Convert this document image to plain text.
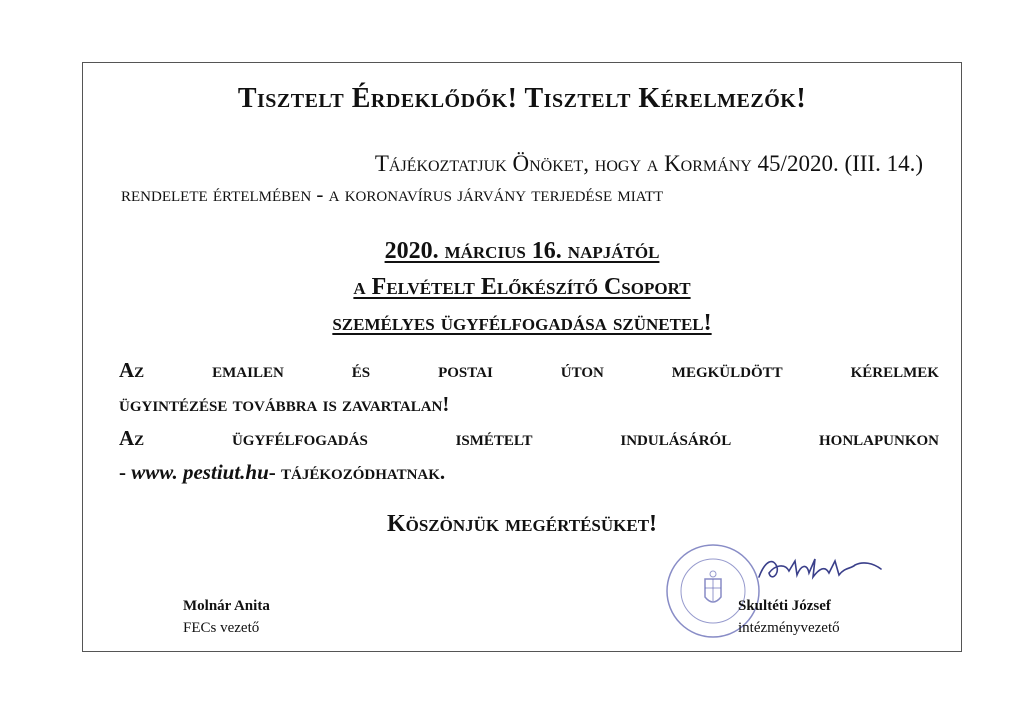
Tisztelt Érdeklődők! Tisztelt Kérelmezők!
Tájékoztatjuk Önöket, hogy a Kormány 45/2020. (III. 14.)
rendelete értelmében - a koronavírus járvány terjedése miatt
2020. március 16. napjától
a Felvételt Előkészítő Csoport
személyes ügyfélfogadása szünetel!
Az	emailen	és	postai	úton	megküldött	kérelmek
ügyintézése továbbra is zavartalan!
Az	ügyfélfogadás	ismételt	indulásáról	honlapunkon
- www. pestiut.hu- tájékozódhatnak.
Köszönjük megértésüket!
Molnár Anita
FECs vezető
Skultéti József
intézményvezető
